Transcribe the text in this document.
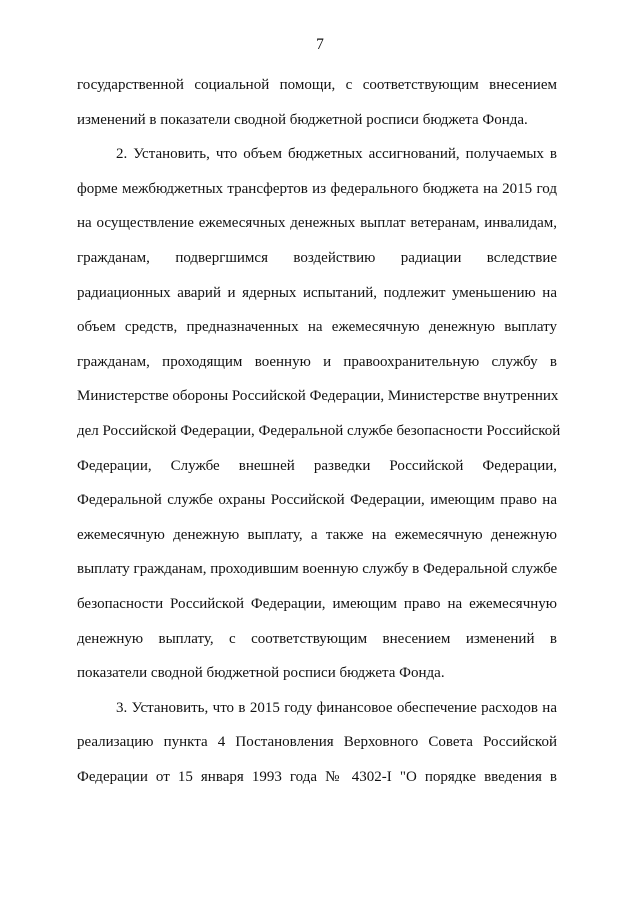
7
государственной социальной помощи, с соответствующим внесением
изменений в показатели сводной бюджетной росписи бюджета Фонда.
2. Установить, что объем бюджетных ассигнований, получаемых в
форме межбюджетных трансфертов из федерального бюджета на 2015 год
на осуществление ежемесячных денежных выплат ветеранам, инвалидам,
гражданам, подвергшимся воздействию радиации вследствие
радиационных аварий и ядерных испытаний, подлежит уменьшению на
объем средств, предназначенных на ежемесячную денежную выплату
гражданам, проходящим военную и правоохранительную службу в
Министерстве обороны Российской Федерации, Министерстве внутренних
дел Российской Федерации, Федеральной службе безопасности Российской
Федерации, Службе внешней разведки Российской Федерации,
Федеральной службе охраны Российской Федерации, имеющим право на
ежемесячную денежную выплату, а также на ежемесячную денежную
выплату гражданам, проходившим военную службу в Федеральной службе
безопасности Российской Федерации, имеющим право на ежемесячную
денежную выплату, с соответствующим внесением изменений в
показатели сводной бюджетной росписи бюджета Фонда.
3. Установить, что в 2015 году финансовое обеспечение расходов на
реализацию пункта 4 Постановления Верховного Совета Российской
Федерации от 15 января 1993 года № 4302-I "О порядке введения в
